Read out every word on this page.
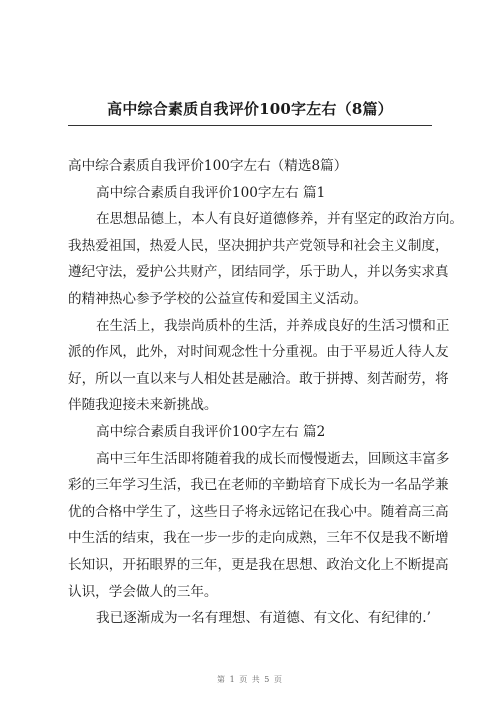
高中综合素质自我评价100字左右（8篇）
高中综合素质自我评价100字左右（精选8篇）
高中综合素质自我评价100字左右 篇1
在思想品德上，本人有良好道德修养，并有坚定的政治方向。
我热爱祖国，热爱人民，坚决拥护共产党领导和社会主义制度，
遵纪守法，爱护公共财产，团结同学，乐于助人，并以务实求真
的精神热心参予学校的公益宣传和爱国主义活动。
在生活上，我崇尚质朴的生活，并养成良好的生活习惯和正
派的作风，此外，对时间观念性十分重视。由于平易近人待人友
好，所以一直以来与人相处甚是融洽。敢于拼搏、刻苦耐劳，将
伴随我迎接未来新挑战。
高中综合素质自我评价100字左右 篇2
高中三年生活即将随着我的成长而慢慢逝去，回顾这丰富多
彩的三年学习生活，我已在老师的辛勤培育下成长为一名品学兼
优的合格中学生了，这些日子将永远铭记在我心中。随着高三高
中生活的结束，我在一步一步的走向成熟，三年不仅是我不断增
长知识，开拓眼界的三年，更是我在思想、政治文化上不断提高
认识，学会做人的三年。
我已逐渐成为一名有理想、有道德、有文化、有纪律的.’
第 1 页 共 5 页
